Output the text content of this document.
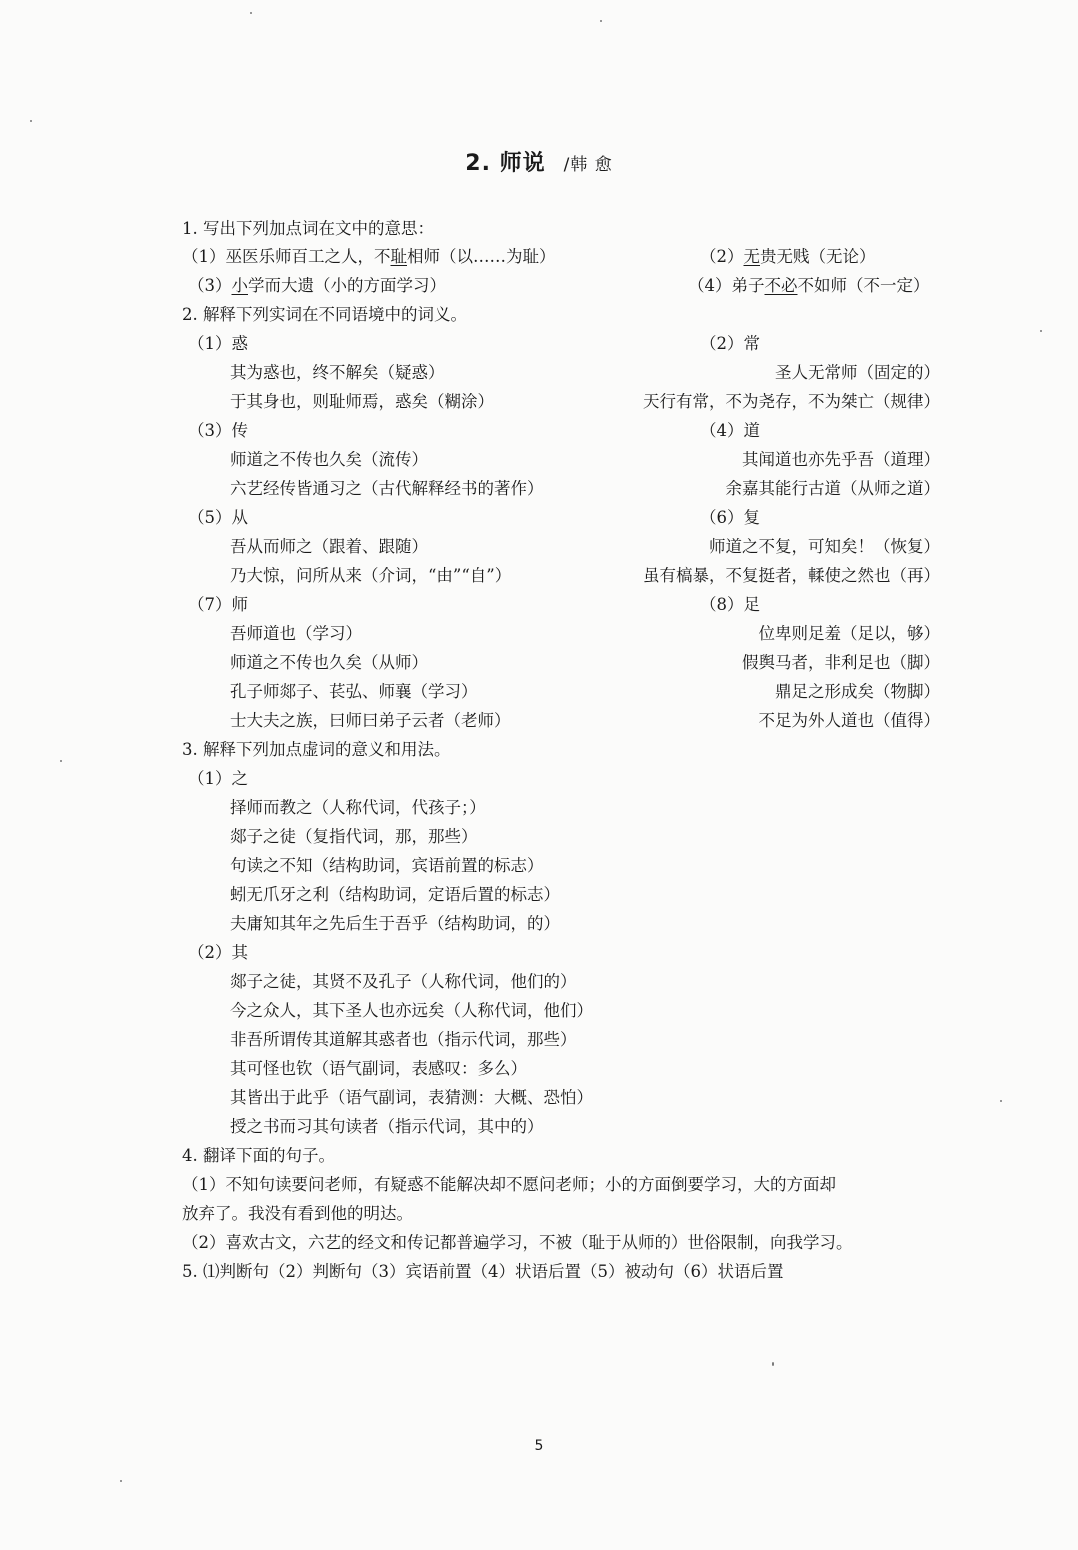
2. 师说 /韩 愈
1. 写出下列加点词在文中的意思：
（1）巫医乐师百工之人，不耻相师（以……为耻）	（2）无贵无贱（无论）
（3）小学而大遗（小的方面学习）	（4）弟子不必不如师（不一定）
2. 解释下列实词在不同语境中的词义。
（1）惑	（2）常
其为惑也，终不解矣（疑惑）	圣人无常师（固定的）
于其身也，则耻师焉，惑矣（糊涂）	天行有常，不为尧存，不为桀亡（规律）
（3）传	（4）道
师道之不传也久矣（流传）	其闻道也亦先乎吾（道理）
六艺经传皆通习之（古代解释经书的著作）	余嘉其能行古道（从师之道）
（5）从	（6）复
吾从而师之（跟着、跟随）	师道之不复，可知矣！（恢复）
乃大惊，问所从来（介词，“由”“自”）	虽有槁暴，不复挺者，輮使之然也（再）
（7）师	（8）足
吾师道也（学习）	位卑则足羞（足以，够）
师道之不传也久矣（从师）	假舆马者，非利足也（脚）
孔子师郯子、苌弘、师襄（学习）	鼎足之形成矣（物脚）
士大夫之族，曰师曰弟子云者（老师）	不足为外人道也（值得）
3. 解释下列加点虚词的意义和用法。
（1）之
择师而教之（人称代词，代孩子；）
郯子之徒（复指代词，那，那些）
句读之不知（结构助词，宾语前置的标志）
蚓无爪牙之利（结构助词，定语后置的标志）
夫庸知其年之先后生于吾乎（结构助词，的）
（2）其
郯子之徒，其贤不及孔子（人称代词，他们的）
今之众人，其下圣人也亦远矣（人称代词，他们）
非吾所谓传其道解其惑者也（指示代词，那些）
其可怪也钦（语气副词，表感叹：多么）
其皆出于此乎（语气副词，表猜测：大概、恐怕）
授之书而习其句读者（指示代词，其中的）
4. 翻译下面的句子。
（1）不知句读要问老师，有疑惑不能解决却不愿问老师；小的方面倒要学习，大的方面却
放弃了。我没有看到他的明达。
（2）喜欢古文，六艺的经文和传记都普遍学习，不被（耻于从师的）世俗限制，向我学习。
5. ⑴判断句（2）判断句（3）宾语前置（4）状语后置（5）被动句（6）状语后置
5
